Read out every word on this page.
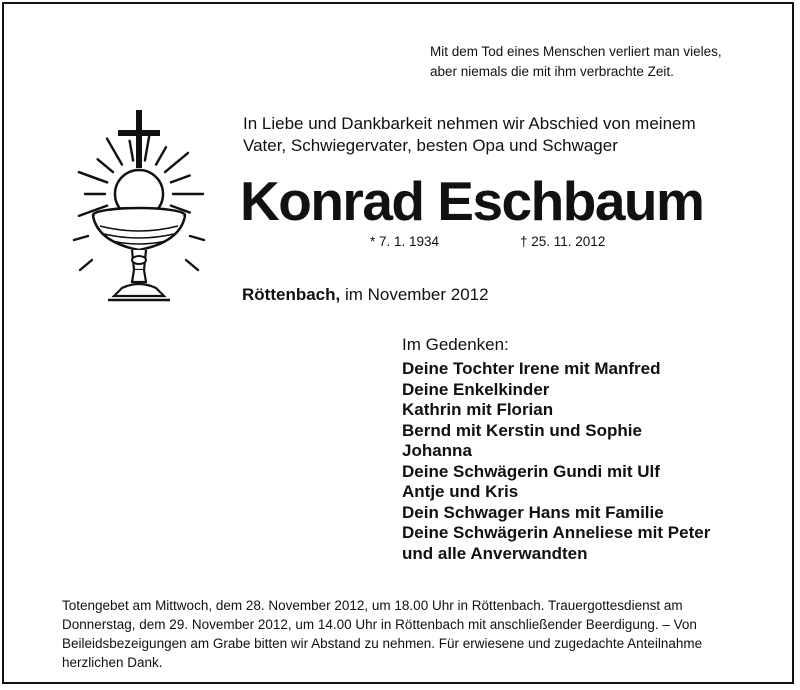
Mit dem Tod eines Menschen verliert man vieles,
aber niemals die mit ihm verbrachte Zeit.
In Liebe und Dankbarkeit nehmen wir Abschied von meinem
Vater, Schwiegervater, besten Opa und Schwager
Konrad Eschbaum
* 7. 1. 1934	† 25. 11. 2012
Röttenbach, im November 2012
Im Gedenken:
Deine Tochter Irene mit Manfred
Deine Enkelkinder
Kathrin mit Florian
Bernd mit Kerstin und Sophie
Johanna
Deine Schwägerin Gundi mit Ulf
Antje und Kris
Dein Schwager Hans mit Familie
Deine Schwägerin Anneliese mit Peter
und alle Anverwandten
Totengebet am Mittwoch, dem 28. November 2012, um 18.00 Uhr in Röttenbach. Trauergottesdienst am
Donnerstag, dem 29. November 2012, um 14.00 Uhr in Röttenbach mit anschließender Beerdigung. – Von
Beileidsbezeigungen am Grabe bitten wir Abstand zu nehmen. Für erwiesene und zugedachte Anteilnahme
herzlichen Dank.
